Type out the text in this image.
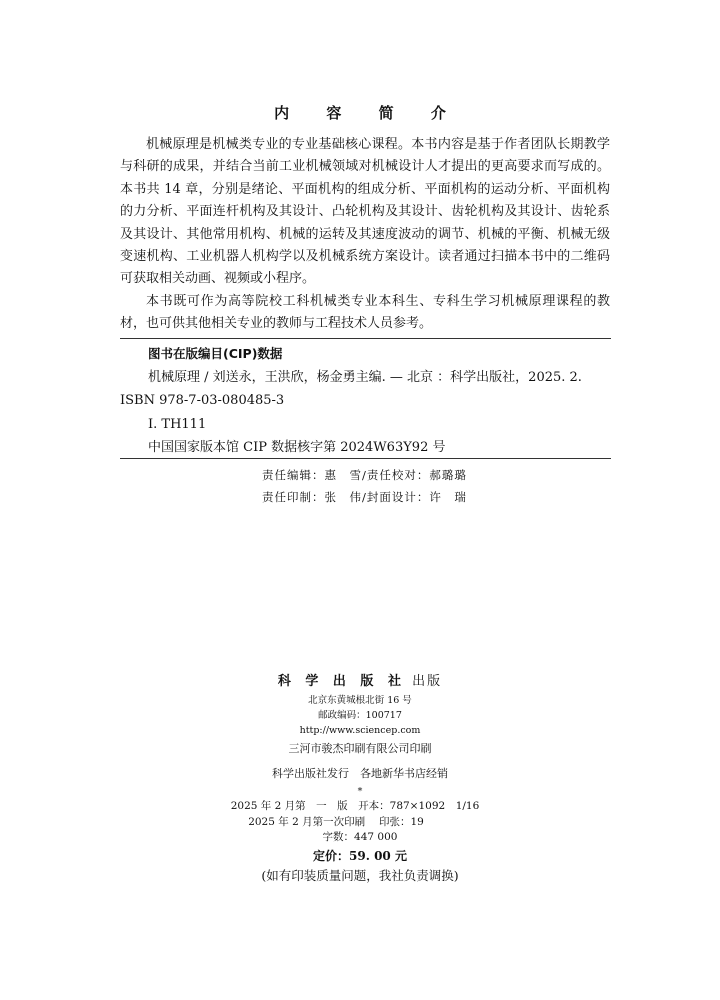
内 容 简 介

机械原理是机械类专业的专业基础核心课程。本书内容是基于作者团队长期教学与科研的成果，并结合当前工业机械领域对机械设计人才提出的更高要求而写成的。本书共 14 章，分别是绪论、平面机构的组成分析、平面机构的运动分析、平面机构的力分析、平面连杆机构及其设计、凸轮机构及其设计、齿轮机构及其设计、齿轮系及其设计、其他常用机构、机械的运转及其速度波动的调节、机械的平衡、机械无级变速机构、工业机器人机构学以及机械系统方案设计。读者通过扫描本书中的二维码可获取相关动画、视频或小程序。

本书既可作为高等院校工科机械类专业本科生、专科生学习机械原理课程的教材，也可供其他相关专业的教师与工程技术人员参考。

图书在版编目(CIP)数据
机械原理 / 刘送永，王洪欣，杨金勇主编. — 北京 ：科学出版社，2025. 2.
ISBN 978-7-03-080485-3
Ⅰ. TH111
中国国家版本馆 CIP 数据核字第 2024W63Y92 号
责任编辑：惠　雪/责任校对：郝璐璐
责任印制：张　伟/封面设计：许　瑞
科 学 出 版 社 出版
北京东黄城根北街 16 号
邮政编码：100717
http://www.sciencep.com
三河市骏杰印刷有限公司印刷
科学出版社发行　各地新华书店经销
*
2025 年 2 月第　一　版　开本：787×1092　1/16
2025 年 2 月第一次印刷　 印张：19
字数：447 000
定价：59. 00 元
(如有印装质量问题，我社负责调换)
